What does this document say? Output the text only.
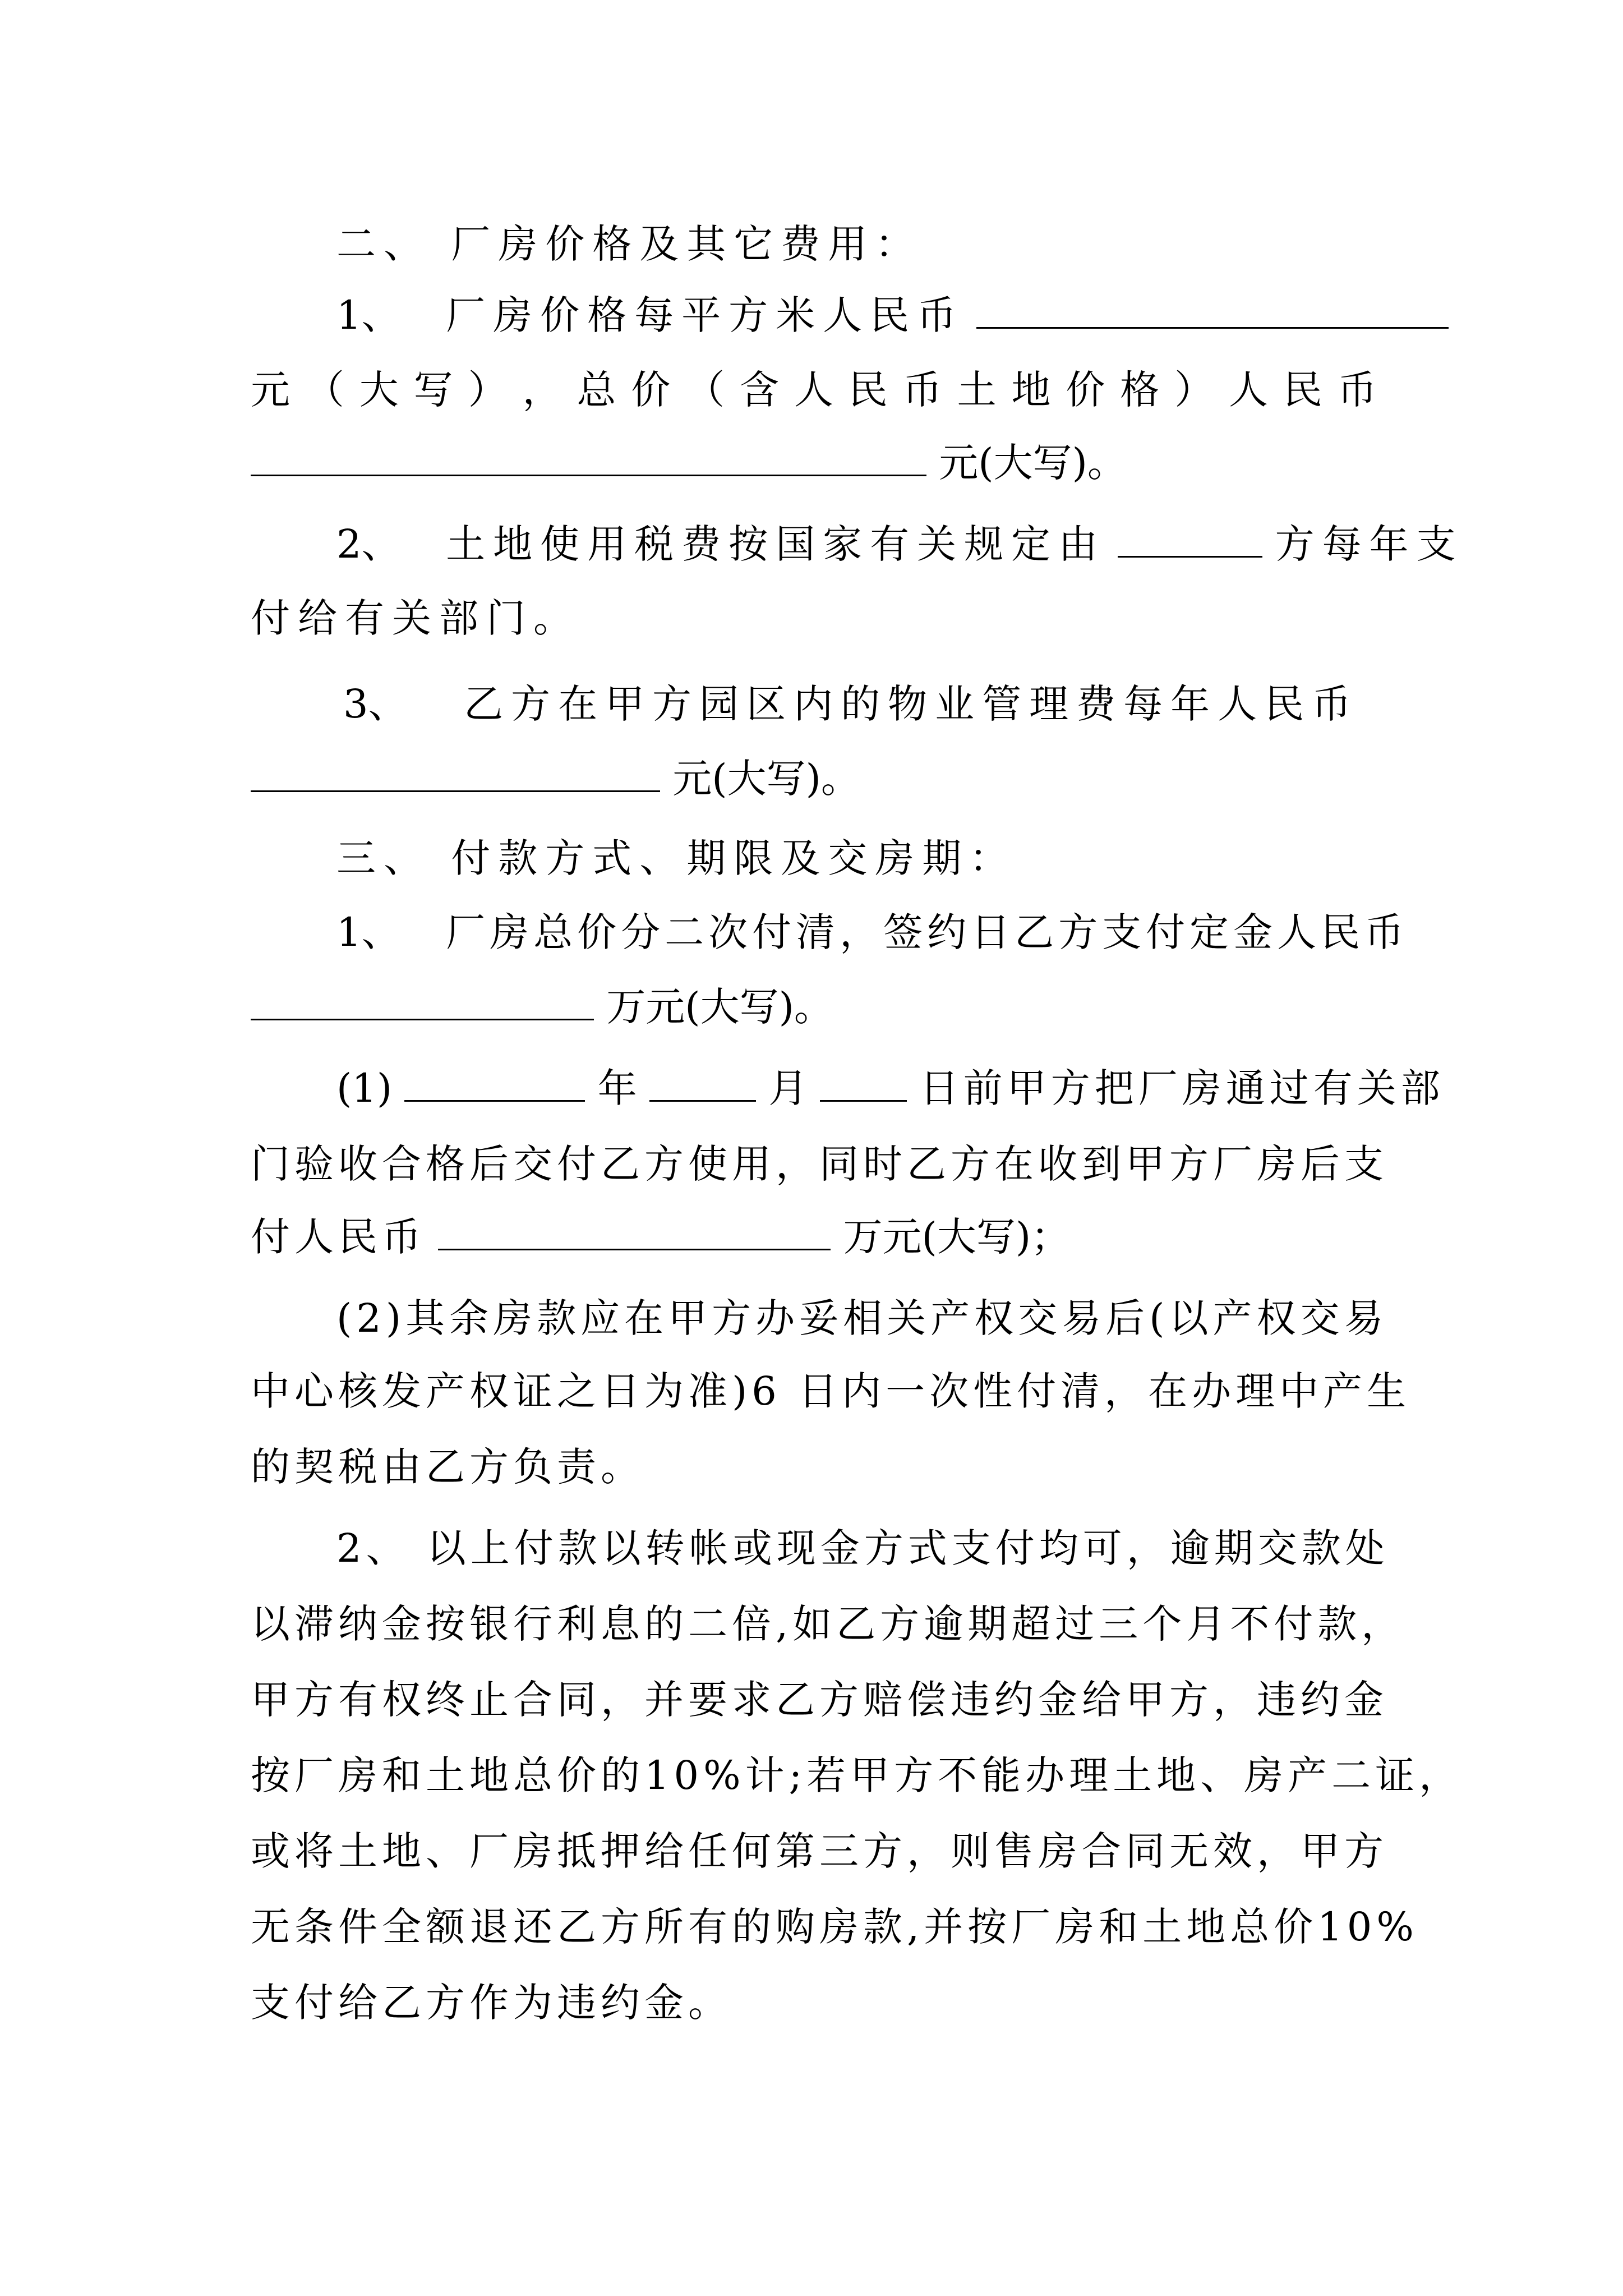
二、 厂房价格及其它费用：
1、 厂房价格每平方米人民币
元 （ 大 写 ） ， 总 价 （ 含 人 民 币 土 地 价 格 ） 人 民 币
元(大写)。
2、 土地使用税费按国家有关规定由	方每年支
付给有关部门。
3、 乙方在甲方园区内的物业管理费每年人民币
元(大写)。
三、 付款方式、期限及交房期：
1、 厂房总价分二次付清，签约日乙方支付定金人民币
万元(大写)。
(1)	年	月	日前甲方把厂房通过有关部
门验收合格后交付乙方使用，同时乙方在收到甲方厂房后支
付人民币	万元(大写)；
(2)其余房款应在甲方办妥相关产权交易后(以产权交易
中心核发产权证之日为准)6 日内一次性付清，在办理中产生
的契税由乙方负责。
2、 以上付款以转帐或现金方式支付均可，逾期交款处
以滞纳金按银行利息的二倍,如乙方逾期超过三个月不付款，
甲方有权终止合同，并要求乙方赔偿违约金给甲方，违约金
按厂房和土地总价的10%计;若甲方不能办理土地、房产二证，
或将土地、厂房抵押给任何第三方，则售房合同无效，甲方
无条件全额退还乙方所有的购房款,并按厂房和土地总价10%
支付给乙方作为违约金。
